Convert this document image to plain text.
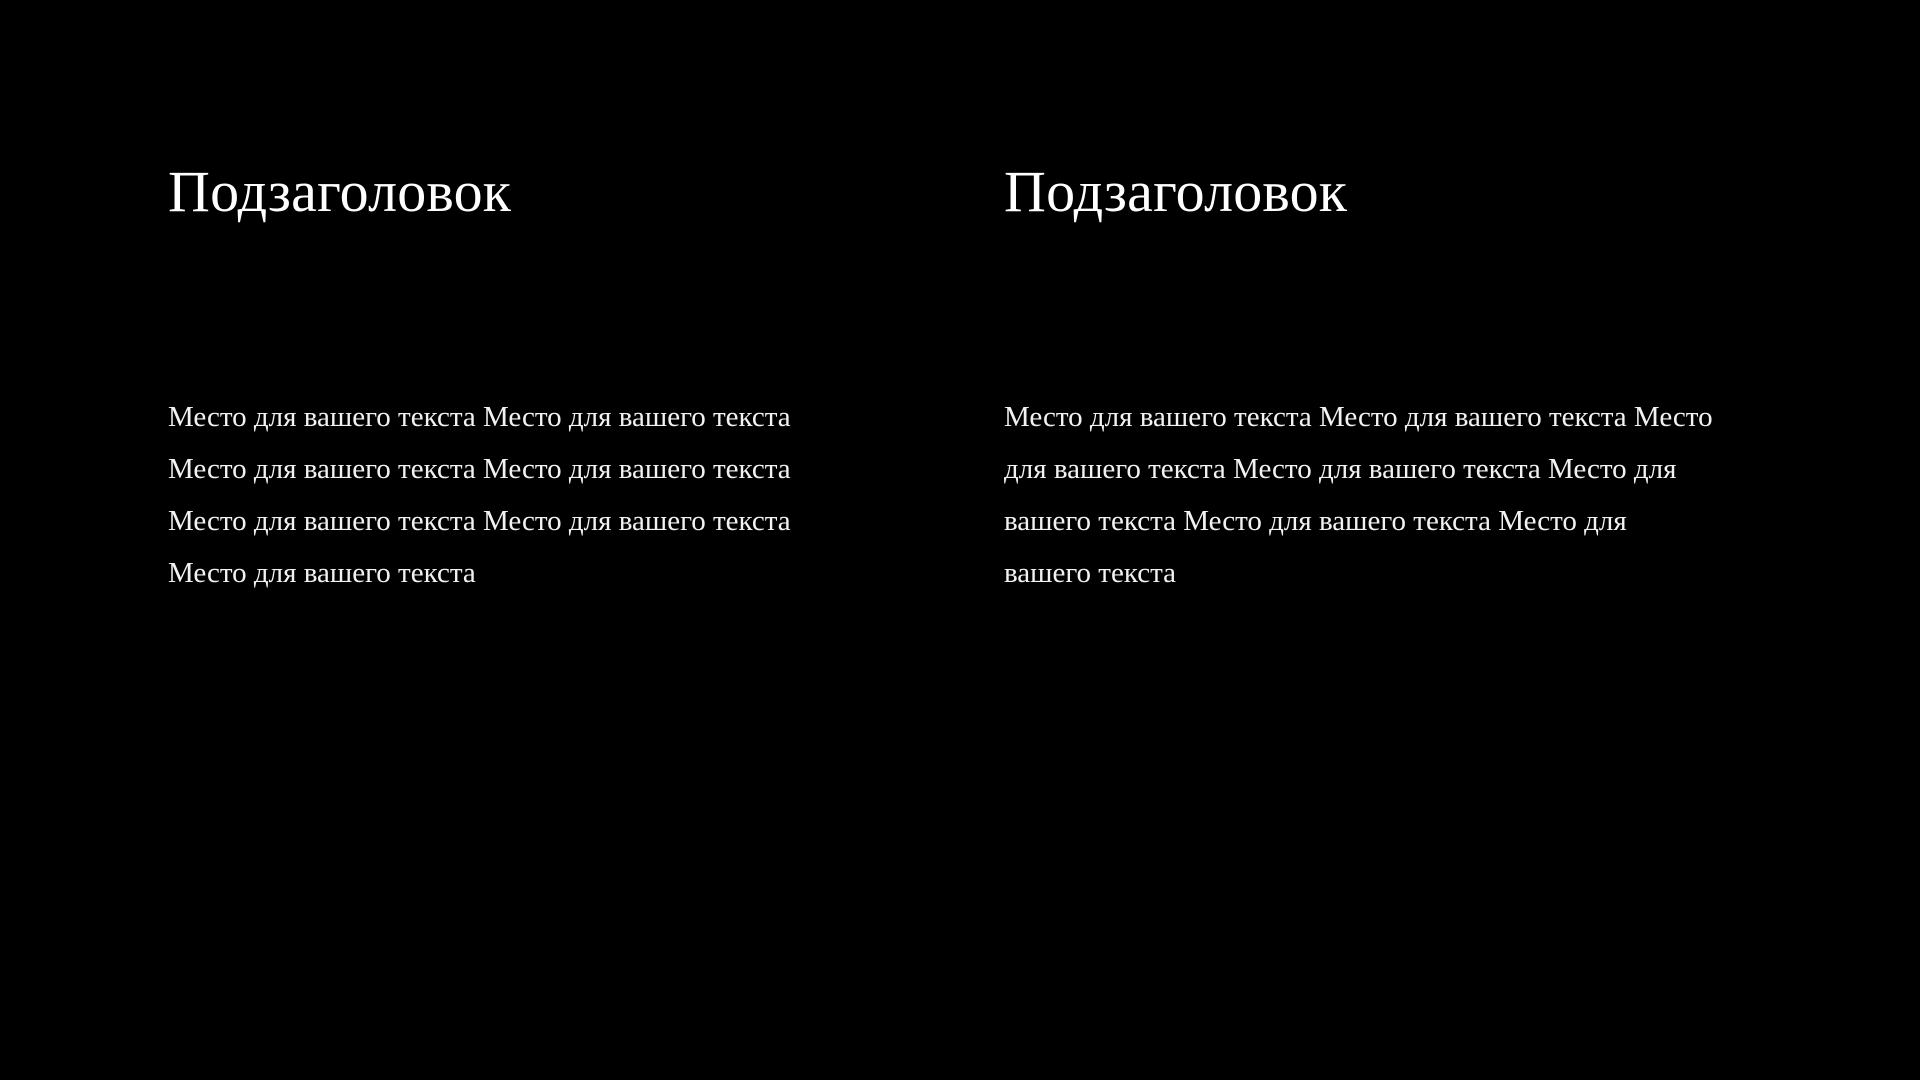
Подзаголовок

Место для вашего текста Место для вашего текста Место для вашего текста Место для вашего текста Место для вашего текста Место для вашего текста Место для вашего текста

Подзаголовок

Место для вашего текста Место для вашего текста Место для вашего текста Место для вашего текста Место для вашего текста Место для вашего текста Место для вашего текста
